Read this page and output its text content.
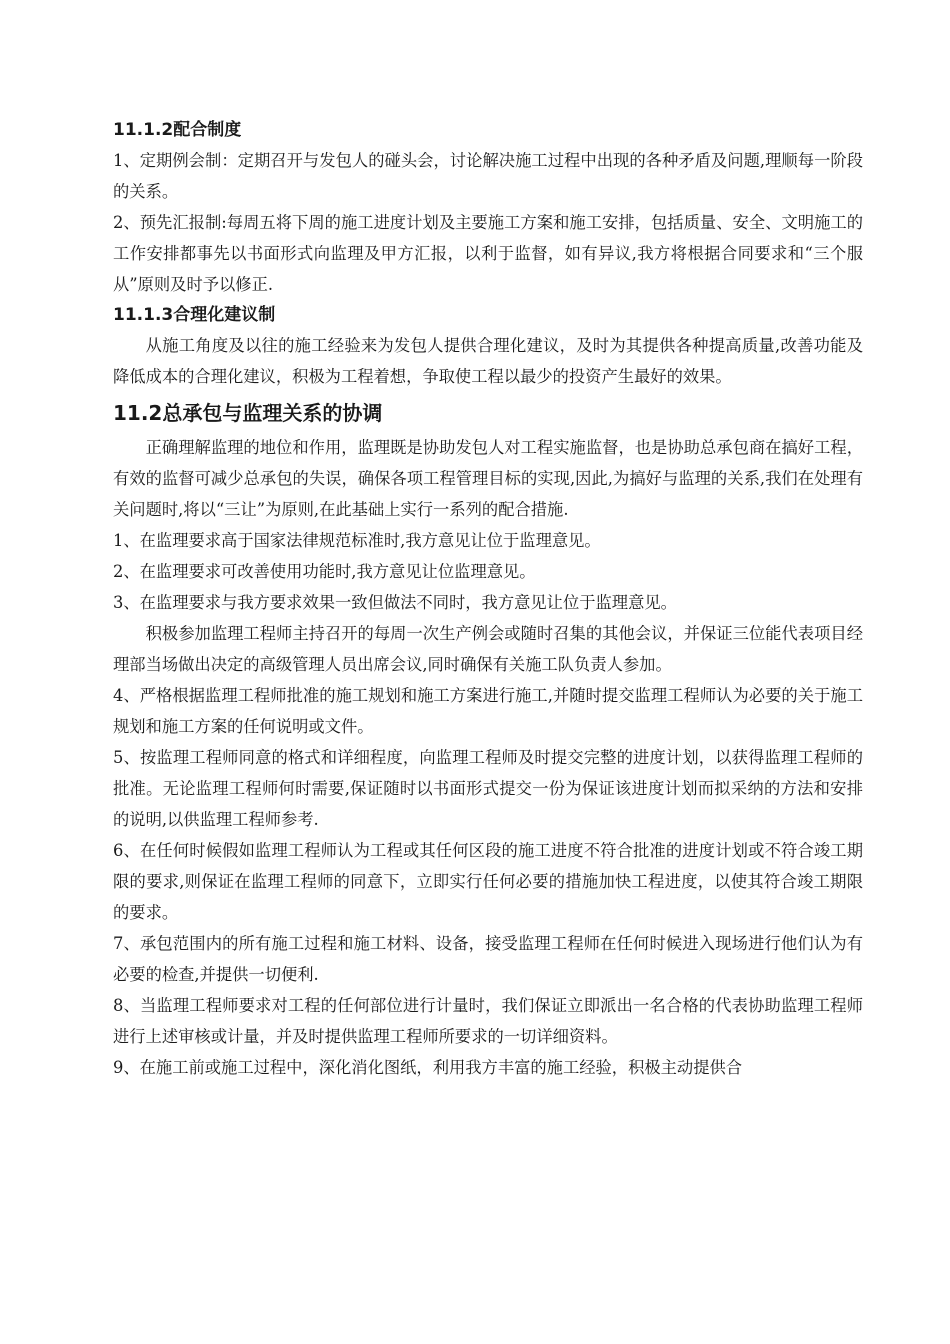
11.1.2配合制度

1、定期例会制：定期召开与发包人的碰头会，讨论解决施工过程中出现的各种矛盾及问题,理顺每一阶段的关系。

2、预先汇报制:每周五将下周的施工进度计划及主要施工方案和施工安排，包括质量、安全、文明施工的工作安排都事先以书面形式向监理及甲方汇报，以利于监督，如有异议,我方将根据合同要求和“三个服从”原则及时予以修正.

11.1.3合理化建议制

从施工角度及以往的施工经验来为发包人提供合理化建议，及时为其提供各种提高质量,改善功能及降低成本的合理化建议，积极为工程着想，争取使工程以最少的投资产生最好的效果。

11.2总承包与监理关系的协调

正确理解监理的地位和作用，监理既是协助发包人对工程实施监督，也是协助总承包商在搞好工程，有效的监督可减少总承包的失误，确保各项工程管理目标的实现,因此,为搞好与监理的关系,我们在处理有关问题时,将以“三让”为原则,在此基础上实行一系列的配合措施.

1、在监理要求高于国家法律规范标准时,我方意见让位于监理意见。

2、在监理要求可改善使用功能时,我方意见让位监理意见。

3、在监理要求与我方要求效果一致但做法不同时，我方意见让位于监理意见。

积极参加监理工程师主持召开的每周一次生产例会或随时召集的其他会议，并保证三位能代表项目经理部当场做出决定的高级管理人员出席会议,同时确保有关施工队负责人参加。

4、严格根据监理工程师批准的施工规划和施工方案进行施工,并随时提交监理工程师认为必要的关于施工规划和施工方案的任何说明或文件。

5、按监理工程师同意的格式和详细程度，向监理工程师及时提交完整的进度计划，以获得监理工程师的批准。无论监理工程师何时需要,保证随时以书面形式提交一份为保证该进度计划而拟采纳的方法和安排的说明,以供监理工程师参考.

6、在任何时候假如监理工程师认为工程或其任何区段的施工进度不符合批准的进度计划或不符合竣工期限的要求,则保证在监理工程师的同意下，立即实行任何必要的措施加快工程进度，以使其符合竣工期限的要求。

7、承包范围内的所有施工过程和施工材料、设备，接受监理工程师在任何时候进入现场进行他们认为有必要的检查,并提供一切便利.

8、当监理工程师要求对工程的任何部位进行计量时，我们保证立即派出一名合格的代表协助监理工程师进行上述审核或计量，并及时提供监理工程师所要求的一切详细资料。

9、在施工前或施工过程中，深化消化图纸，利用我方丰富的施工经验，积极主动提供合
